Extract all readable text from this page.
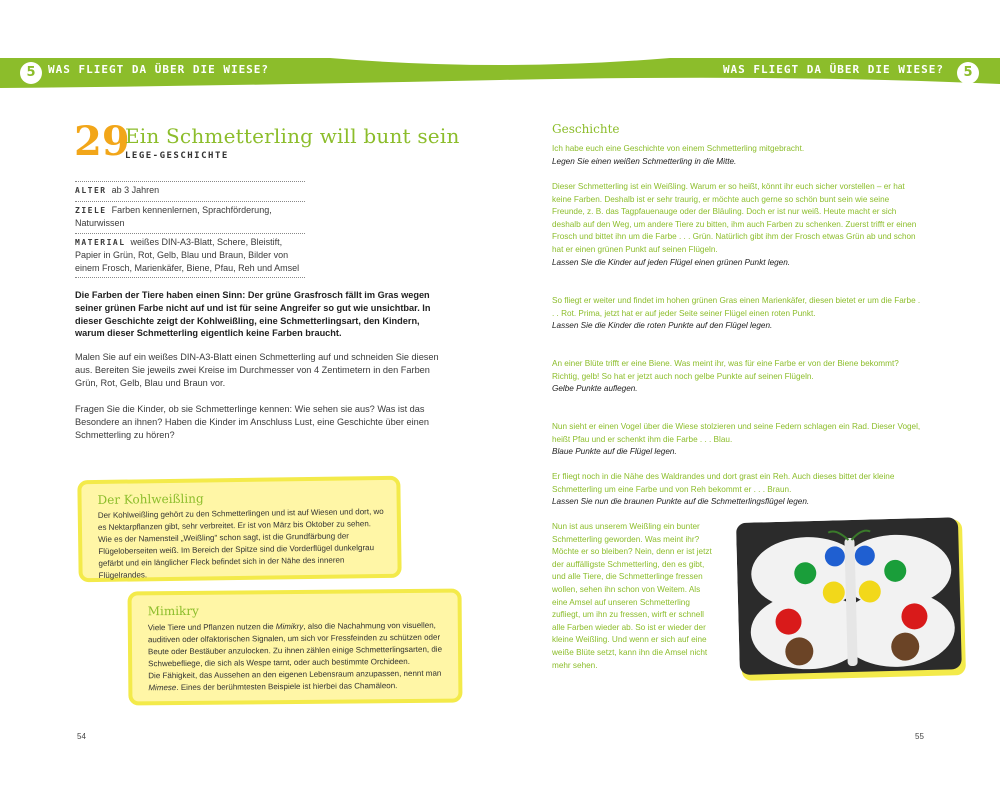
5	WAS FLIEGT DA ÜBER DIE WIESE?	WAS FLIEGT DA ÜBER DIE WIESE?	5
29
Ein Schmetterling will bunt sein
LEGE-GESCHICHTE
ALTER ab 3 Jahren
ZIELE Farben kennenlernen, Sprachförderung, Naturwissen
MATERIAL weißes DIN-A3-Blatt, Schere, Bleistift, Papier in Grün, Rot, Gelb, Blau und Braun, Bilder von einem Frosch, Marienkäfer, Biene, Pfau, Reh und Amsel
Die Farben der Tiere haben einen Sinn: Der grüne Grasfrosch fällt im Gras wegen seiner grünen Farbe nicht auf und ist für seine Angreifer so gut wie unsichtbar. In dieser Geschichte zeigt der Kohlweißling, eine Schmetterlingsart, den Kindern, warum dieser Schmetterling eigentlich keine Farben braucht.
Malen Sie auf ein weißes DIN-A3-Blatt einen Schmetterling auf und schneiden Sie diesen aus. Bereiten Sie jeweils zwei Kreise im Durchmesser von 4 Zentimetern in den Farben Grün, Rot, Gelb, Blau und Braun vor.
Fragen Sie die Kinder, ob sie Schmetterlinge kennen: Wie sehen sie aus? Was ist das Besondere an ihnen? Haben die Kinder im Anschluss Lust, eine Geschichte über einen Schmetterling zu hören?
Der Kohlweißling
Der Kohlweißling gehört zu den Schmetterlingen und ist auf Wiesen und dort, wo es Nektarpflanzen gibt, sehr verbreitet. Er ist von März bis Oktober zu sehen. Wie es der Namensteil „Weißling" schon sagt, ist die Grundfärbung der Flügeloberseiten weiß. Im Bereich der Spitze sind die Vorderflügel dunkelgrau gefärbt und ein länglicher Fleck befindet sich in der Nähe des inneren Flügelrandes.
Mimikry
Viele Tiere und Pflanzen nutzen die Mimikry, also die Nachahmung von visuellen, auditiven oder olfaktorischen Signalen, um sich vor Fressfeinden zu schützen oder Beute oder Bestäuber anzulocken. Zu ihnen zählen einige Schmetterlingsarten, die Schwebefliege, die sich als Wespe tarnt, oder auch bestimmte Orchideen.
Die Fähigkeit, das Aussehen an den eigenen Lebensraum anzupassen, nennt man Mimese. Eines der berühmtesten Beispiele ist hierbei das Chamäleon.
54
Geschichte
Ich habe euch eine Geschichte von einem Schmetterling mitgebracht.
Legen Sie einen weißen Schmetterling in die Mitte.
Dieser Schmetterling ist ein Weißling. Warum er so heißt, könnt ihr euch sicher vorstellen – er hat keine Farben. Deshalb ist er sehr traurig, er möchte auch gerne so schön bunt sein wie seine Freunde, z. B. das Tagpfauenauge oder der Bläuling. Doch er ist nur weiß. Heute macht er sich deshalb auf den Weg, um andere Tiere zu bitten, ihm auch Farben zu schenken. Zuerst trifft er einen Frosch und bittet ihn um die Farbe . . . Grün. Natürlich gibt ihm der Frosch etwas Grün ab und schon hat er einen grünen Punkt auf seinen Flügeln.
Lassen Sie die Kinder auf jeden Flügel einen grünen Punkt legen.
So fliegt er weiter und findet im hohen grünen Gras einen Marienkäfer, diesen bietet er um die Farbe . . . Rot. Prima, jetzt hat er auf jeder Seite seiner Flügel einen roten Punkt.
Lassen Sie die Kinder die roten Punkte auf den Flügel legen.
An einer Blüte trifft er eine Biene. Was meint ihr, was für eine Farbe er von der Biene bekommt? Richtig, gelb! So hat er jetzt auch noch gelbe Punkte auf seinen Flügeln.
Gelbe Punkte auflegen.
Nun sieht er einen Vogel über die Wiese stolzieren und seine Federn schlagen ein Rad. Dieser Vogel, heißt Pfau und er schenkt ihm die Farbe . . . Blau.
Blaue Punkte auf die Flügel legen.
Er fliegt noch in die Nähe des Waldrandes und dort grast ein Reh. Auch dieses bittet der kleine Schmetterling um eine Farbe und von Reh bekommt er . . . Braun.
Lassen Sie nun die braunen Punkte auf die Schmetterlingsflügel legen.
Nun ist aus unserem Weißling ein bunter Schmetterling geworden. Was meint ihr? Möchte er so bleiben? Nein, denn er ist jetzt der auffälligste Schmetterling, den es gibt, und alle Tiere, die Schmetterlinge fressen wollen, sehen ihn schon von Weitem. Als eine Amsel auf unseren Schmetterling zufliegt, um ihn zu fressen, wirft er schnell alle Farben wieder ab. So ist er wieder der kleine Weißling. Und wenn er sich auf eine weiße Blüte setzt, kann ihn die Amsel nicht mehr sehen.
55
